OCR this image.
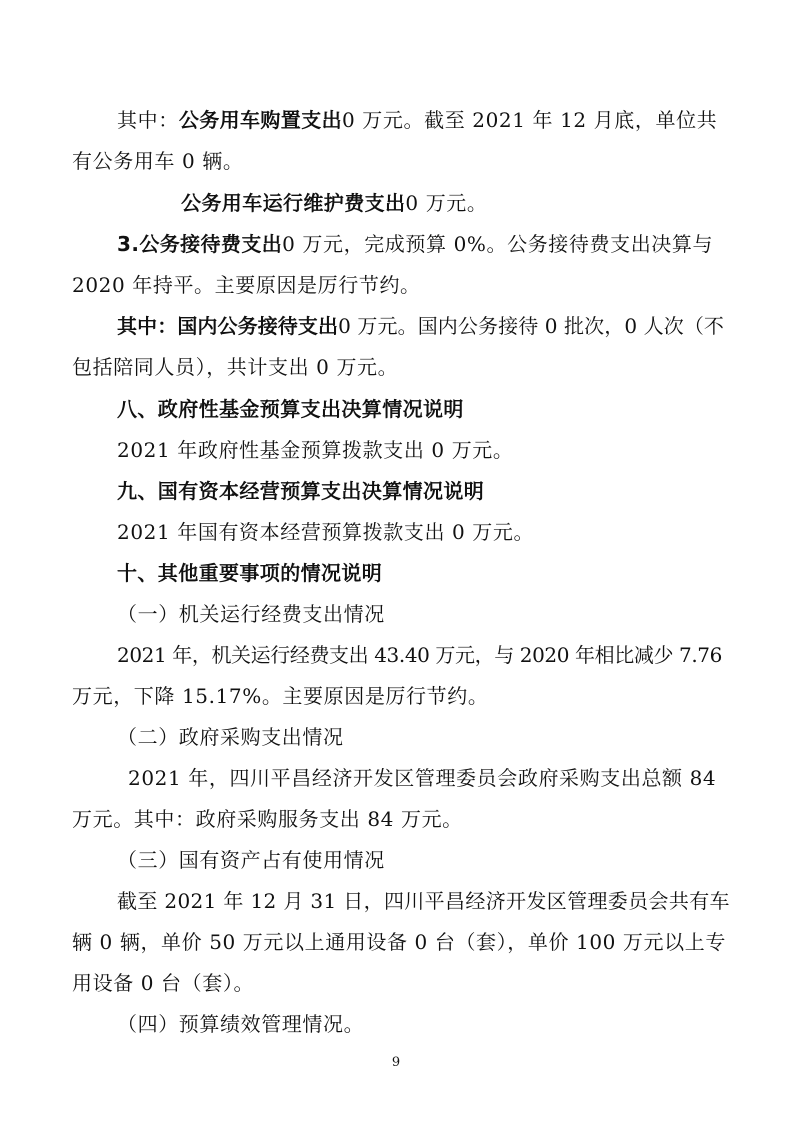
其中：公务用车购置支出0 万元。截至 2021 年 12 月底，单位共
有公务用车 0 辆。
公务用车运行维护费支出0 万元。
3.公务接待费支出0 万元，完成预算 0%。公务接待费支出决算与
2020 年持平。主要原因是厉行节约。
其中：国内公务接待支出0 万元。国内公务接待 0 批次，0 人次（不
包括陪同人员），共计支出 0 万元。
八、政府性基金预算支出决算情况说明
2021 年政府性基金预算拨款支出 0 万元。
九、国有资本经营预算支出决算情况说明
2021 年国有资本经营预算拨款支出 0 万元。
十、其他重要事项的情况说明
（一）机关运行经费支出情况
2021 年，机关运行经费支出 43.40 万元，与 2020 年相比减少 7.76
万元，下降 15.17%。主要原因是厉行节约。
（二）政府采购支出情况
2021 年，四川平昌经济开发区管理委员会政府采购支出总额 84
万元。其中：政府采购服务支出 84 万元。
（三）国有资产占有使用情况
截至 2021 年 12 月 31 日，四川平昌经济开发区管理委员会共有车
辆 0 辆，单价 50 万元以上通用设备 0 台（套），单价 100 万元以上专
用设备 0 台（套）。
（四）预算绩效管理情况。
9
